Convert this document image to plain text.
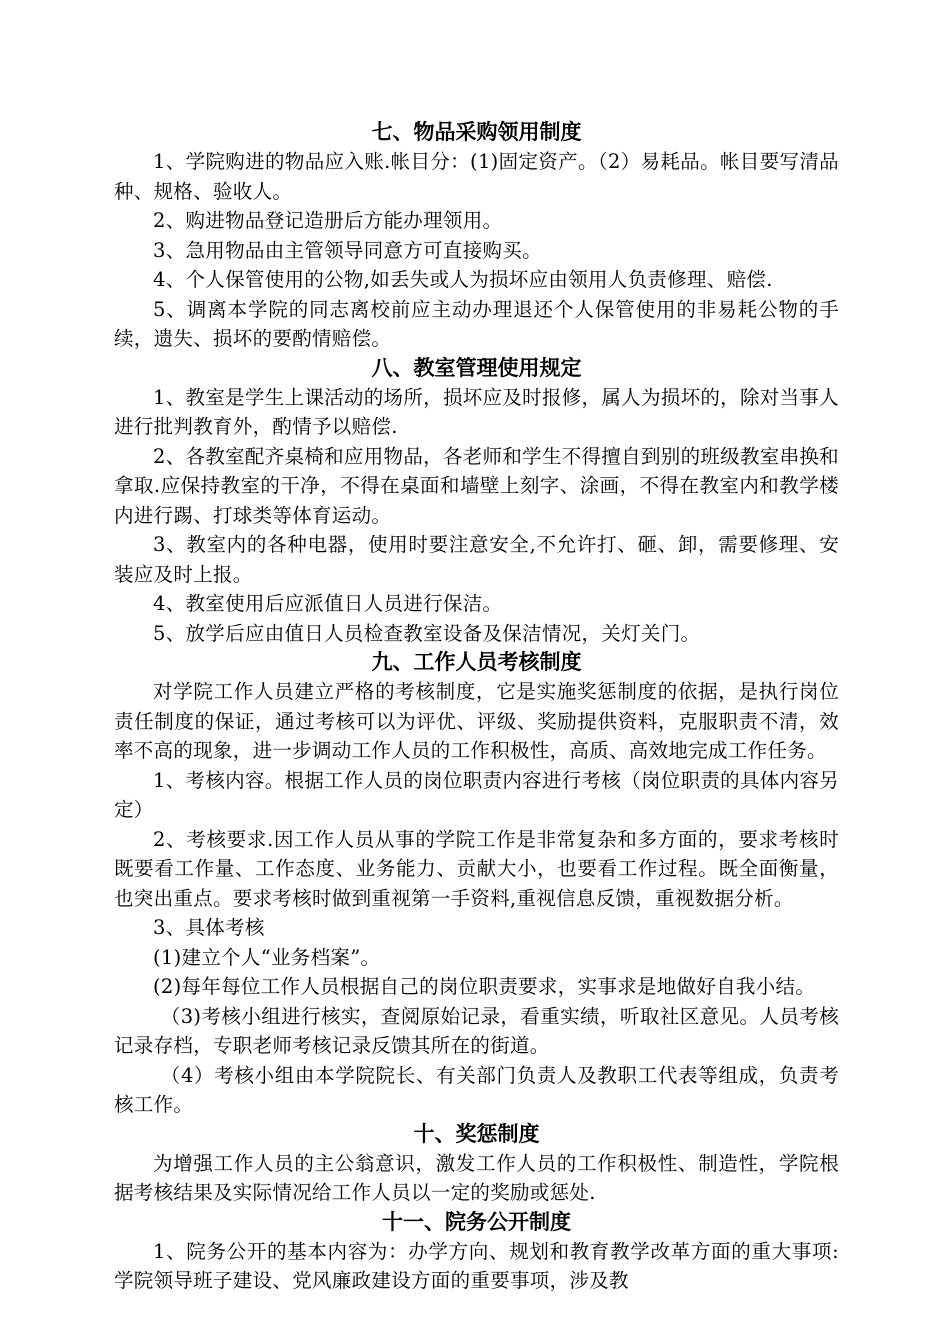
七、物品采购领用制度

1、学院购进的物品应入账.帐目分：(1)固定资产。（2）易耗品。帐目要写清品种、规格、验收人。

2、购进物品登记造册后方能办理领用。

3、急用物品由主管领导同意方可直接购买。

4、个人保管使用的公物,如丢失或人为损坏应由领用人负责修理、赔偿.

5、调离本学院的同志离校前应主动办理退还个人保管使用的非易耗公物的手续，遗失、损坏的要酌情赔偿。

八、教室管理使用规定

1、教室是学生上课活动的场所，损坏应及时报修，属人为损坏的，除对当事人进行批判教育外，酌情予以赔偿.

2、各教室配齐桌椅和应用物品，各老师和学生不得擅自到别的班级教室串换和拿取.应保持教室的干净，不得在桌面和墙壁上刻字、涂画，不得在教室内和教学楼内进行踢、打球类等体育运动。

3、教室内的各种电器，使用时要注意安全,不允许打、砸、卸，需要修理、安装应及时上报。

4、教室使用后应派值日人员进行保洁。

5、放学后应由值日人员检查教室设备及保洁情况，关灯关门。

九、工作人员考核制度

对学院工作人员建立严格的考核制度，它是实施奖惩制度的依据，是执行岗位责任制度的保证，通过考核可以为评优、评级、奖励提供资料，克服职责不清，效率不高的现象，进一步调动工作人员的工作积极性，高质、高效地完成工作任务。

1、考核内容。根据工作人员的岗位职责内容进行考核（岗位职责的具体内容另定）

2、考核要求.因工作人员从事的学院工作是非常复杂和多方面的，要求考核时既要看工作量、工作态度、业务能力、贡献大小，也要看工作过程。既全面衡量，也突出重点。要求考核时做到重视第一手资料,重视信息反馈，重视数据分析。

3、具体考核

(1)建立个人“业务档案”。

(2)每年每位工作人员根据自己的岗位职责要求，实事求是地做好自我小结。

（3)考核小组进行核实，查阅原始记录，看重实绩，听取社区意见。人员考核记录存档，专职老师考核记录反馈其所在的街道。

（4）考核小组由本学院院长、有关部门负责人及教职工代表等组成，负责考核工作。

十、奖惩制度

为增强工作人员的主公翁意识，激发工作人员的工作积极性、制造性，学院根据考核结果及实际情况给工作人员以一定的奖励或惩处.

十一、院务公开制度

1、院务公开的基本内容为：办学方向、规划和教育教学改革方面的重大事项:学院领导班子建设、党风廉政建设方面的重要事项，涉及教
